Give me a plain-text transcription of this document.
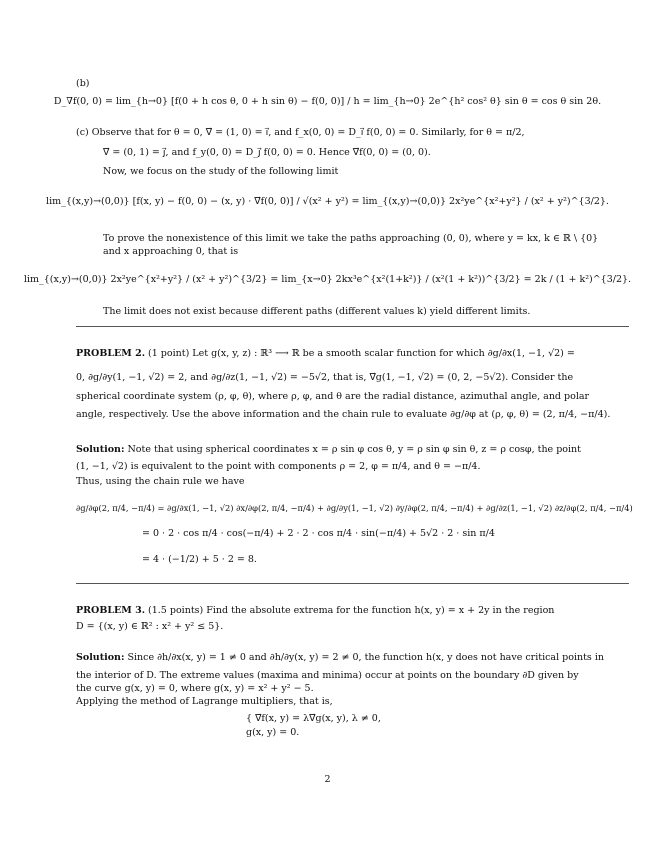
(b)
D_∇f(0, 0) = lim_{h→0} [f(0 + h cos θ, 0 + h sin θ) − f(0, 0)] / h = lim_{h→0} 2e^{h² cos² θ} sin θ = cos θ sin 2θ.
(c) Observe that for θ = 0, ∇⃗ = (1, 0) = ı⃗, and f_x(0, 0) = D_ı⃗ f(0, 0) = 0. Similarly, for θ = π/2,
∇⃗ = (0, 1) = ȷ⃗, and f_y(0, 0) = D_ȷ⃗ f(0, 0) = 0. Hence ∇⃗f(0, 0) = (0, 0).
Now, we focus on the study of the following limit
lim_{(x,y)→(0,0)} [f(x, y) − f(0, 0) − (x, y) · ∇⃗f(0, 0)] / √(x² + y²) = lim_{(x,y)→(0,0)} 2x²ye^{x²+y²} / (x² + y²)^{3/2}.
To prove the nonexistence of this limit we take the paths approaching (0, 0), where y = kx, k ∈ ℝ \ {0}
and x approaching 0, that is
lim_{(x,y)→(0,0)} 2x²ye^{x²+y²} / (x² + y²)^{3/2} = lim_{x→0} 2kx³e^{x²(1+k²)} / (x²(1 + k²))^{3/2} = 2k / (1 + k²)^{3/2}.
The limit does not exist because different paths (different values k) yield different limits.
PROBLEM 2. (1 point) Let g(x, y, z) : ℝ³ ⟶ ℝ be a smooth scalar function for which ∂g/∂x(1, −1, √2) =
0, ∂g/∂y(1, −1, √2) = 2, and ∂g/∂z(1, −1, √2) = −5√2, that is, ∇⃗g(1, −1, √2) = (0, 2, −5√2). Consider the
spherical coordinate system (ρ, φ, θ), where ρ, φ, and θ are the radial distance, azimuthal angle, and polar
angle, respectively. Use the above information and the chain rule to evaluate ∂g/∂φ at (ρ, φ, θ) = (2, π/4, −π/4).
Solution: Note that using spherical coordinates x = ρ sin φ cos θ, y = ρ sin φ sin θ, z = ρ cosφ, the point
(1, −1, √2) is equivalent to the point with components ρ = 2, φ = π/4, and θ = −π/4.
Thus, using the chain rule we have
∂g/∂φ(2, π/4, −π/4) = ∂g/∂x(1, −1, √2) ∂x/∂φ(2, π/4, −π/4) + ∂g/∂y(1, −1, √2) ∂y/∂φ(2, π/4, −π/4) + ∂g/∂z(1, −1, √2) ∂z/∂φ(2, π/4, −π/4)
= 0 · 2 · cos π/4 · cos(−π/4) + 2 · 2 · cos π/4 · sin(−π/4) + 5√2 · 2 · sin π/4
= 4 · (−1/2) + 5 · 2 = 8.
PROBLEM 3. (1.5 points) Find the absolute extrema for the function h(x, y) = x + 2y in the region
D = {(x, y) ∈ ℝ² : x² + y² ≤ 5}.
Solution: Since ∂h/∂x(x, y) = 1 ≠ 0 and ∂h/∂y(x, y) = 2 ≠ 0, the function h(x, y does not have critical points in
the interior of D. The extreme values (maxima and minima) occur at points on the boundary ∂D given by
the curve g(x, y) = 0, where g(x, y) = x² + y² − 5.
Applying the method of Lagrange multipliers, that is,
{ ∇⃗f(x, y) = λ∇⃗g(x, y), λ ≠ 0,
g(x, y) = 0.
2
